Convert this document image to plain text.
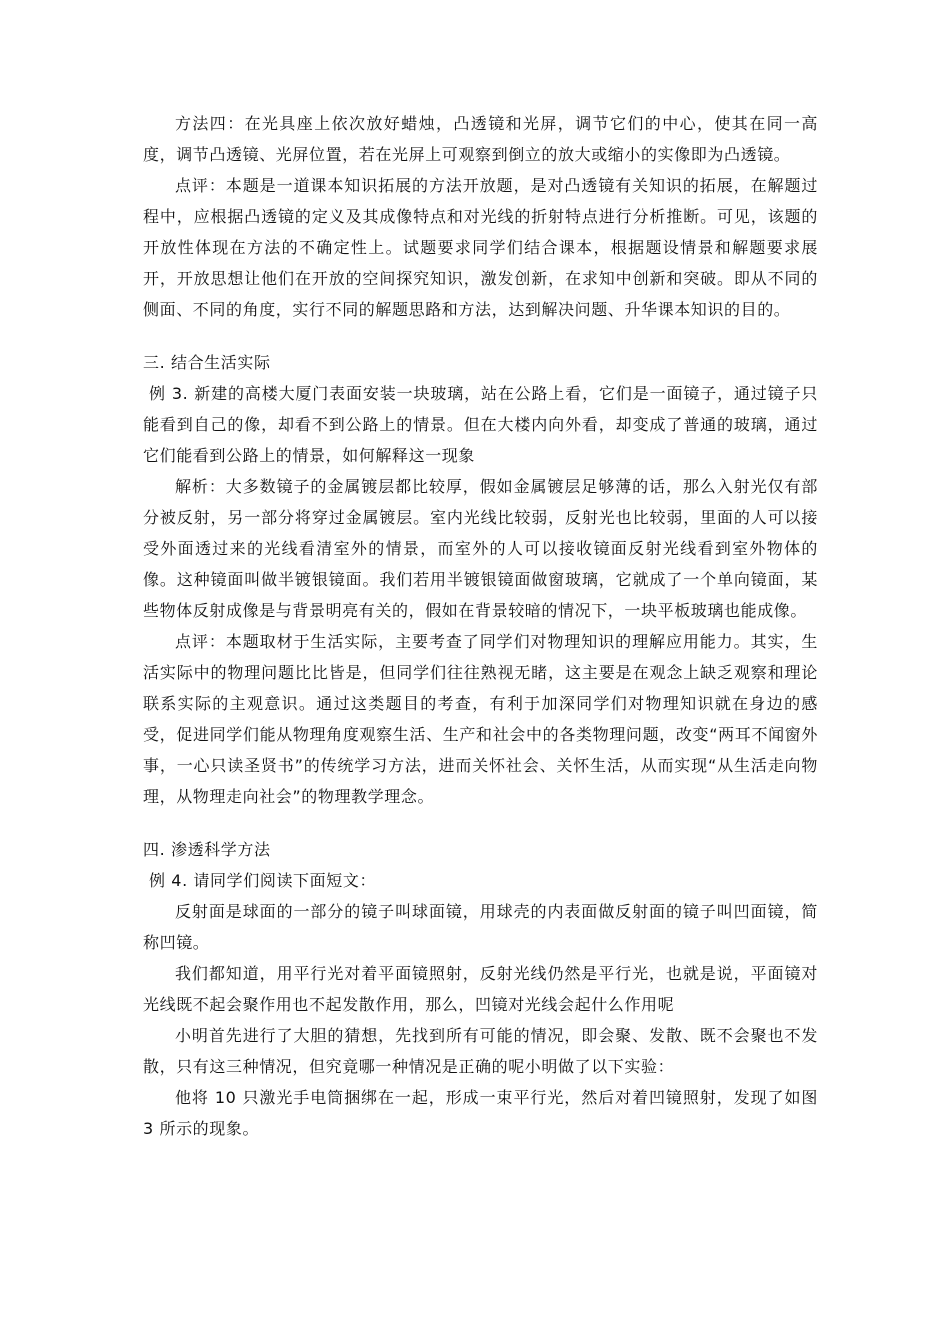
方法四：在光具座上依次放好蜡烛，凸透镜和光屏，调节它们的中心，使其在同一高度，调节凸透镜、光屏位置，若在光屏上可观察到倒立的放大或缩小的实像即为凸透镜。

点评：本题是一道课本知识拓展的方法开放题，是对凸透镜有关知识的拓展，在解题过程中，应根据凸透镜的定义及其成像特点和对光线的折射特点进行分析推断。可见，该题的开放性体现在方法的不确定性上。试题要求同学们结合课本，根据题设情景和解题要求展开，开放思想让他们在开放的空间探究知识，激发创新，在求知中创新和突破。即从不同的侧面、不同的角度，实行不同的解题思路和方法，达到解决问题、升华课本知识的目的。

三. 结合生活实际

例 3. 新建的高楼大厦门表面安装一块玻璃，站在公路上看，它们是一面镜子，通过镜子只能看到自己的像，却看不到公路上的情景。但在大楼内向外看，却变成了普通的玻璃，通过它们能看到公路上的情景，如何解释这一现象

解析：大多数镜子的金属镀层都比较厚，假如金属镀层足够薄的话，那么入射光仅有部分被反射，另一部分将穿过金属镀层。室内光线比较弱，反射光也比较弱，里面的人可以接受外面透过来的光线看清室外的情景，而室外的人可以接收镜面反射光线看到室外物体的像。这种镜面叫做半镀银镜面。我们若用半镀银镜面做窗玻璃，它就成了一个单向镜面，某些物体反射成像是与背景明亮有关的，假如在背景较暗的情况下，一块平板玻璃也能成像。

点评：本题取材于生活实际，主要考查了同学们对物理知识的理解应用能力。其实，生活实际中的物理问题比比皆是，但同学们往往熟视无睹，这主要是在观念上缺乏观察和理论联系实际的主观意识。通过这类题目的考查，有利于加深同学们对物理知识就在身边的感受，促进同学们能从物理角度观察生活、生产和社会中的各类物理问题，改变“两耳不闻窗外事，一心只读圣贤书”的传统学习方法，进而关怀社会、关怀生活，从而实现“从生活走向物理，从物理走向社会”的物理教学理念。

四. 渗透科学方法

例 4. 请同学们阅读下面短文：

反射面是球面的一部分的镜子叫球面镜，用球壳的内表面做反射面的镜子叫凹面镜，简称凹镜。

我们都知道，用平行光对着平面镜照射，反射光线仍然是平行光，也就是说，平面镜对光线既不起会聚作用也不起发散作用，那么，凹镜对光线会起什么作用呢

小明首先进行了大胆的猜想，先找到所有可能的情况，即会聚、发散、既不会聚也不发散，只有这三种情况，但究竟哪一种情况是正确的呢小明做了以下实验：

他将 10 只激光手电筒捆绑在一起，形成一束平行光，然后对着凹镜照射，发现了如图 3 所示的现象。
